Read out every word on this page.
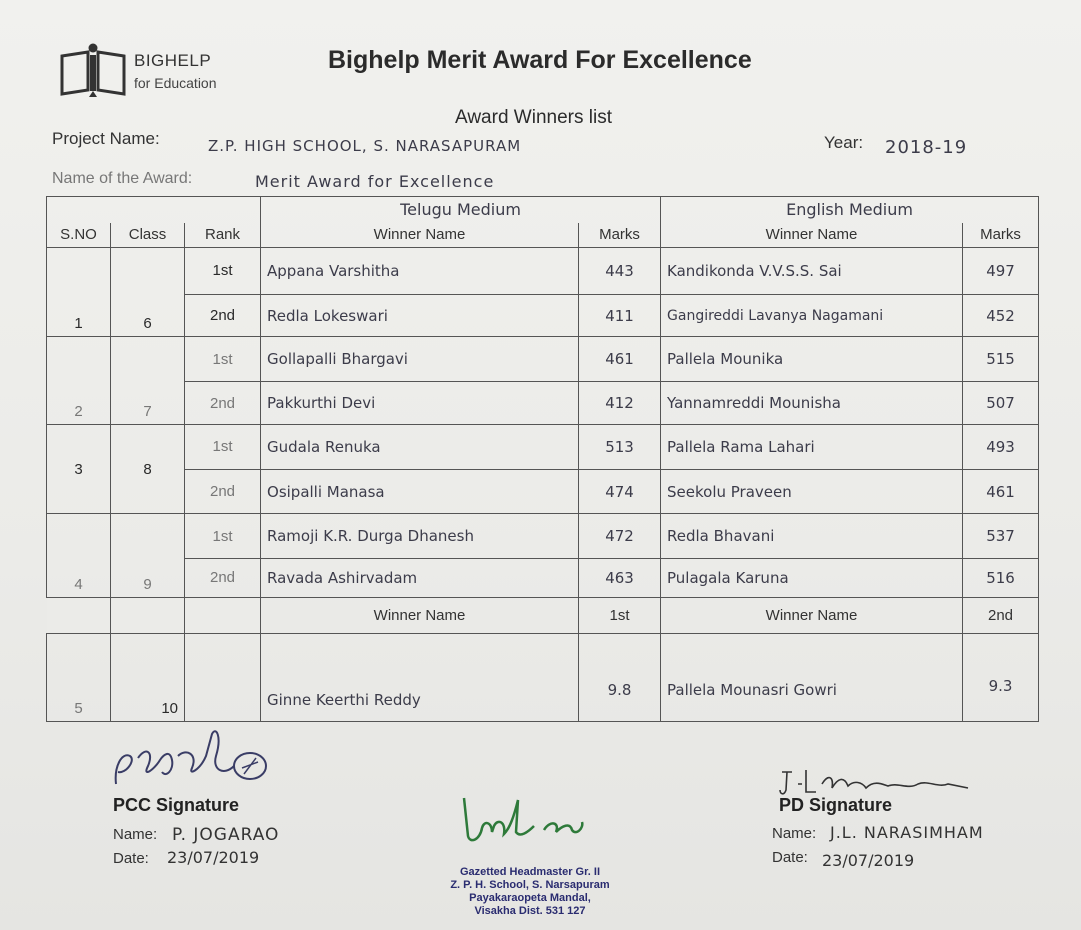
BIGHELP
for Education
Bighelp Merit Award For Excellence
Award Winners list
Project Name:	Z.P. HIGH SCHOOL, S. NARASAPURAM	Year: 2018-19
Name of the Award:	Merit Award for Excellence
			Telugu Medium		English Medium	
S.NO	Class	Rank	Winner Name	Marks	Winner Name	Marks
1	6	1st	Appana Varshitha	443	Kandikonda V.V.S.S. Sai	497
		2nd	Redla Lokeswari	411	Gangireddi Lavanya Nagamani	452
2	7	1st	Gollapalli Bhargavi	461	Pallela Mounika	515
		2nd	Pakkurthi Devi	412	Yannamreddi Mounisha	507
3	8	1st	Gudala Renuka	513	Pallela Rama Lahari	493
		2nd	Osipalli Manasa	474	Seekolu Praveen	461
4	9	1st	Ramoji K.R. Durga Dhanesh	472	Redla Bhavani	537
		2nd	Ravada Ashirvadam	463	Pulagala Karuna	516
			Winner Name	1st	Winner Name	2nd
5	10		Ginne Keerthi Reddy	9.8	Pallela Mounasri Gowri	9.3
PCC Signature
Name: P. JOGARAO
Date: 23/07/2019
Gazetted Headmaster Gr. II
Z. P. H. School, S. Narsapuram
Payakaraopeta Mandal,
Visakha Dist. 531 127
PD Signature
Name: J.L. NARASIMHAM
Date: 23/07/2019
